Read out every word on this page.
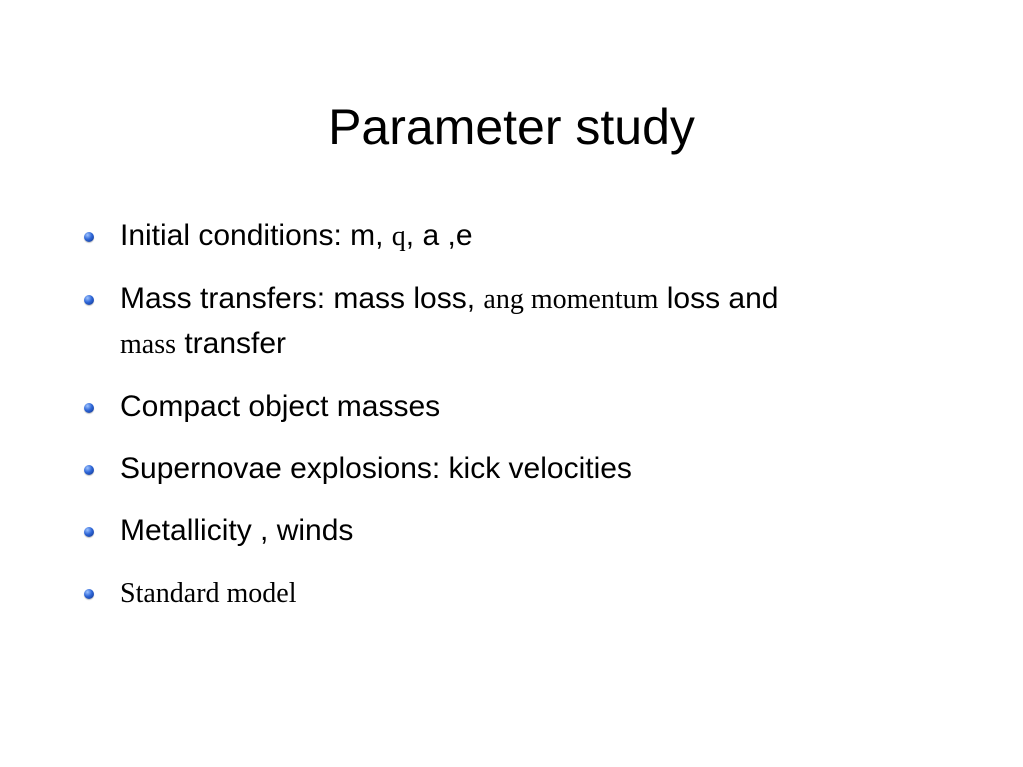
Parameter study
Initial conditions: m, q, a ,e
Mass transfers: mass loss, ang momentum loss and
mass transfer
Compact object masses
Supernovae explosions: kick velocities
Metallicity , winds
Standard model
